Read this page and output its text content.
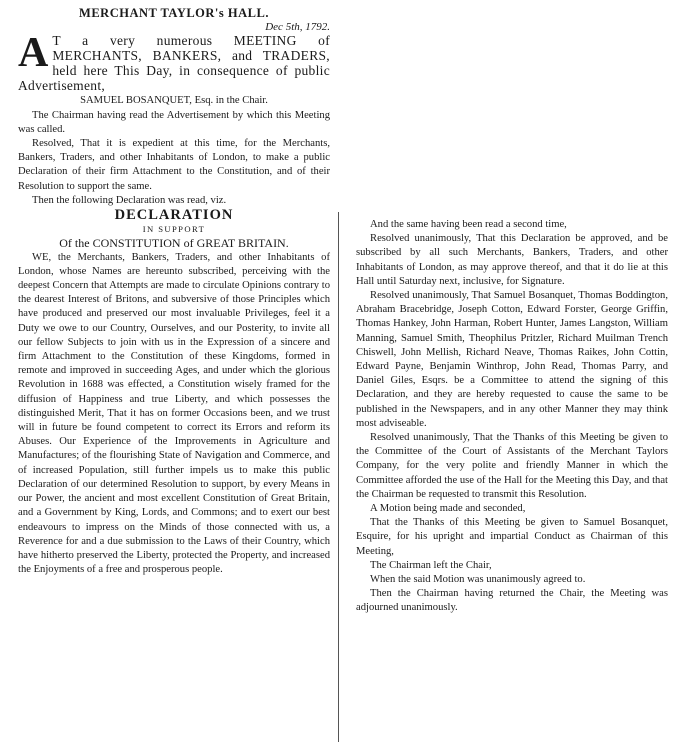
MERCHANT TAYLOR's HALL.

Dec 5th, 1792.

A T a very numerous MEETING of MERCHANTS, BANKERS, and TRADERS, held here This Day, in consequence of public Advertisement,

SAMUEL BOSANQUET, Esq. in the Chair.

The Chairman having read the Advertisement by which this Meeting was called.

Resolved, That it is expedient at this time, for the Merchants, Bankers, Traders, and other Inhabitants of London, to make a public Declaration of their firm Attachment to the Constitution, and of their Resolution to support the same.

Then the following Declaration was read, viz.

DECLARATION

IN SUPPORT

Of the CONSTITUTION of GREAT BRITAIN.

WE, the Merchants, Bankers, Traders, and other Inhabitants of London, whose Names are hereunto subscribed, perceiving with the deepest Concern that Attempts are made to circulate Opinions contrary to the dearest Interest of Britons, and subversive of those Principles which have produced and preserved our most invaluable Privileges, feel it a Duty we owe to our Country, Ourselves, and our Posterity, to invite all our fellow Subjects to join with us in the Expression of a sincere and firm Attachment to the Constitution of these Kingdoms, formed in remote and improved in succeeding Ages, and under which the glorious Revolution in 1688 was effected, a Constitution wisely framed for the diffusion of Happiness and true Liberty, and which possesses the distinguished Merit, That it has on former Occasions been, and we trust will in future be found competent to correct its Errors and reform its Abuses. Our Experience of the Improvements in Agriculture and Manufactures; of the flourishing State of Navigation and Commerce, and of increased Population, still further impels us to make this public Declaration of our determined Resolution to support, by every Means in our Power, the ancient and most excellent Constitution of Great Britain, and a Government by King, Lords, and Commons; and to exert our best endeavours to impress on the Minds of those connected with us, a Reverence for and a due submission to the Laws of their Country, which have hitherto preserved the Liberty, protected the Property, and increased the Enjoyments of a free and prosperous people.

And the same having been read a second time,

Resolved unanimously, That this Declaration be approved, and be subscribed by all such Merchants, Bankers, Traders, and other Inhabitants of London, as may approve thereof, and that it do lie at this Hall until Saturday next, inclusive, for Signature.

Resolved unanimously, That Samuel Bosanquet, Thomas Boddington, Abraham Bracebridge, Joseph Cotton, Edward Forster, George Griffin, Thomas Hankey, John Harman, Robert Hunter, James Langston, William Manning, Samuel Smith, Theophilus Pritzler, Richard Muilman Trench Chiswell, John Mellish, Richard Neave, Thomas Raikes, John Cottin, Edward Payne, Benjamin Winthrop, John Read, Thomas Parry, and Daniel Giles, Esqrs. be a Committee to attend the signing of this Declaration, and they are hereby requested to cause the same to be published in the Newspapers, and in any other Manner they may think most adviseable.

Resolved unanimously, That the Thanks of this Meeting be given to the Committee of the Court of Assistants of the Merchant Taylors Company, for the very polite and friendly Manner in which the Committee afforded the use of the Hall for the Meeting this Day, and that the Chairman be requested to transmit this Resolution.

A Motion being made and seconded,

That the Thanks of this Meeting be given to Samuel Bosanquet, Esquire, for his upright and impartial Conduct as Chairman of this Meeting,

The Chairman left the Chair,

When the said Motion was unanimously agreed to.

Then the Chairman having returned the Chair, the Meeting was adjourned unanimously.
